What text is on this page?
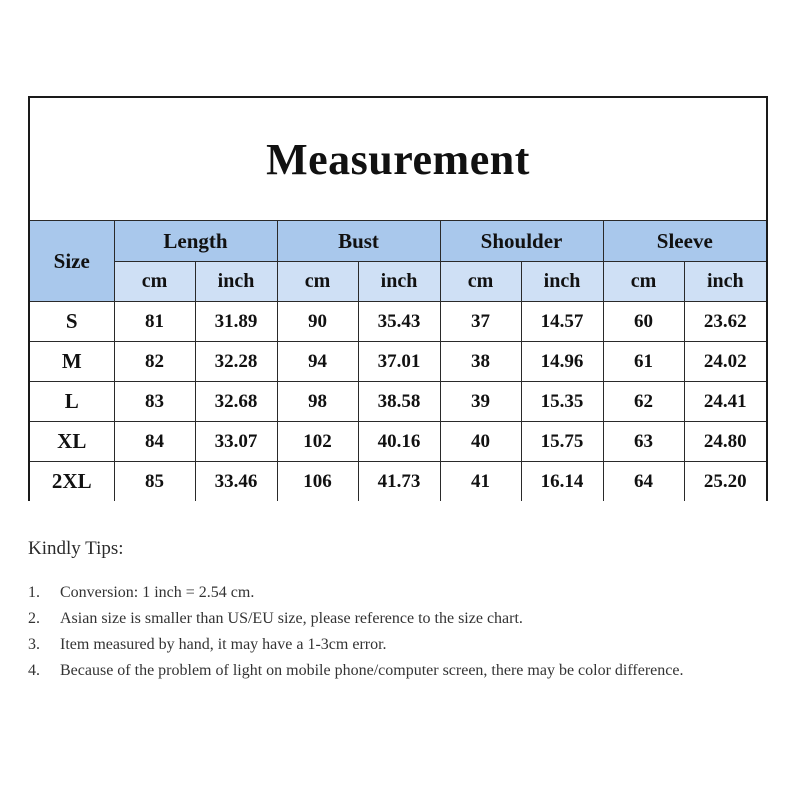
Measurement
Size	Length		Bust		Shoulder		Sleeve	
	cm	inch	cm	inch	cm	inch	cm	inch
S	81	31.89	90	35.43	37	14.57	60	23.62
M	82	32.28	94	37.01	38	14.96	61	24.02
L	83	32.68	98	38.58	39	15.35	62	24.41
XL	84	33.07	102	40.16	40	15.75	63	24.80
2XL	85	33.46	106	41.73	41	16.14	64	25.20
Kindly Tips:
1.	Conversion: 1 inch = 2.54 cm.
2.	Asian size is smaller than US/EU size, please reference to the size chart.
3.	Item measured by hand, it may have a 1-3cm error.
4.	Because of the problem of light on mobile phone/computer screen, there may be color difference.
